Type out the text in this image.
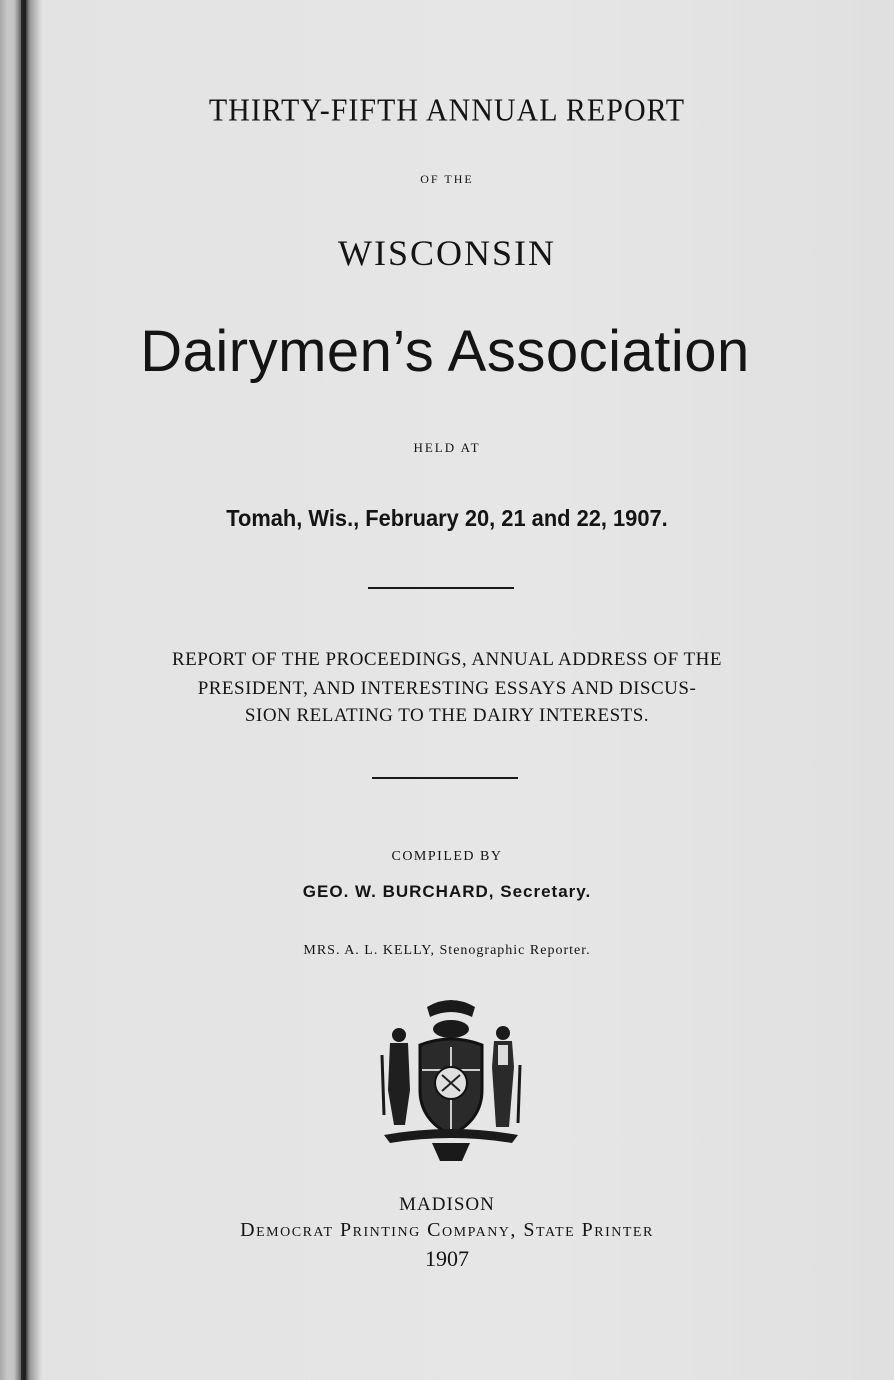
THIRTY-FIFTH ANNUAL REPORT
OF THE
WISCONSIN
Dairymen’s Association
HELD AT
Tomah, Wis., February 20, 21 and 22, 1907.
REPORT OF THE PROCEEDINGS, ANNUAL ADDRESS OF THE
PRESIDENT, AND INTERESTING ESSAYS AND DISCUS-
SION RELATING TO THE DAIRY INTERESTS.
COMPILED BY
GEO. W. BURCHARD, Secretary.
MRS. A. L. KELLY, Stenographic Reporter.
MADISON
Democrat Printing Company, State Printer
1907
